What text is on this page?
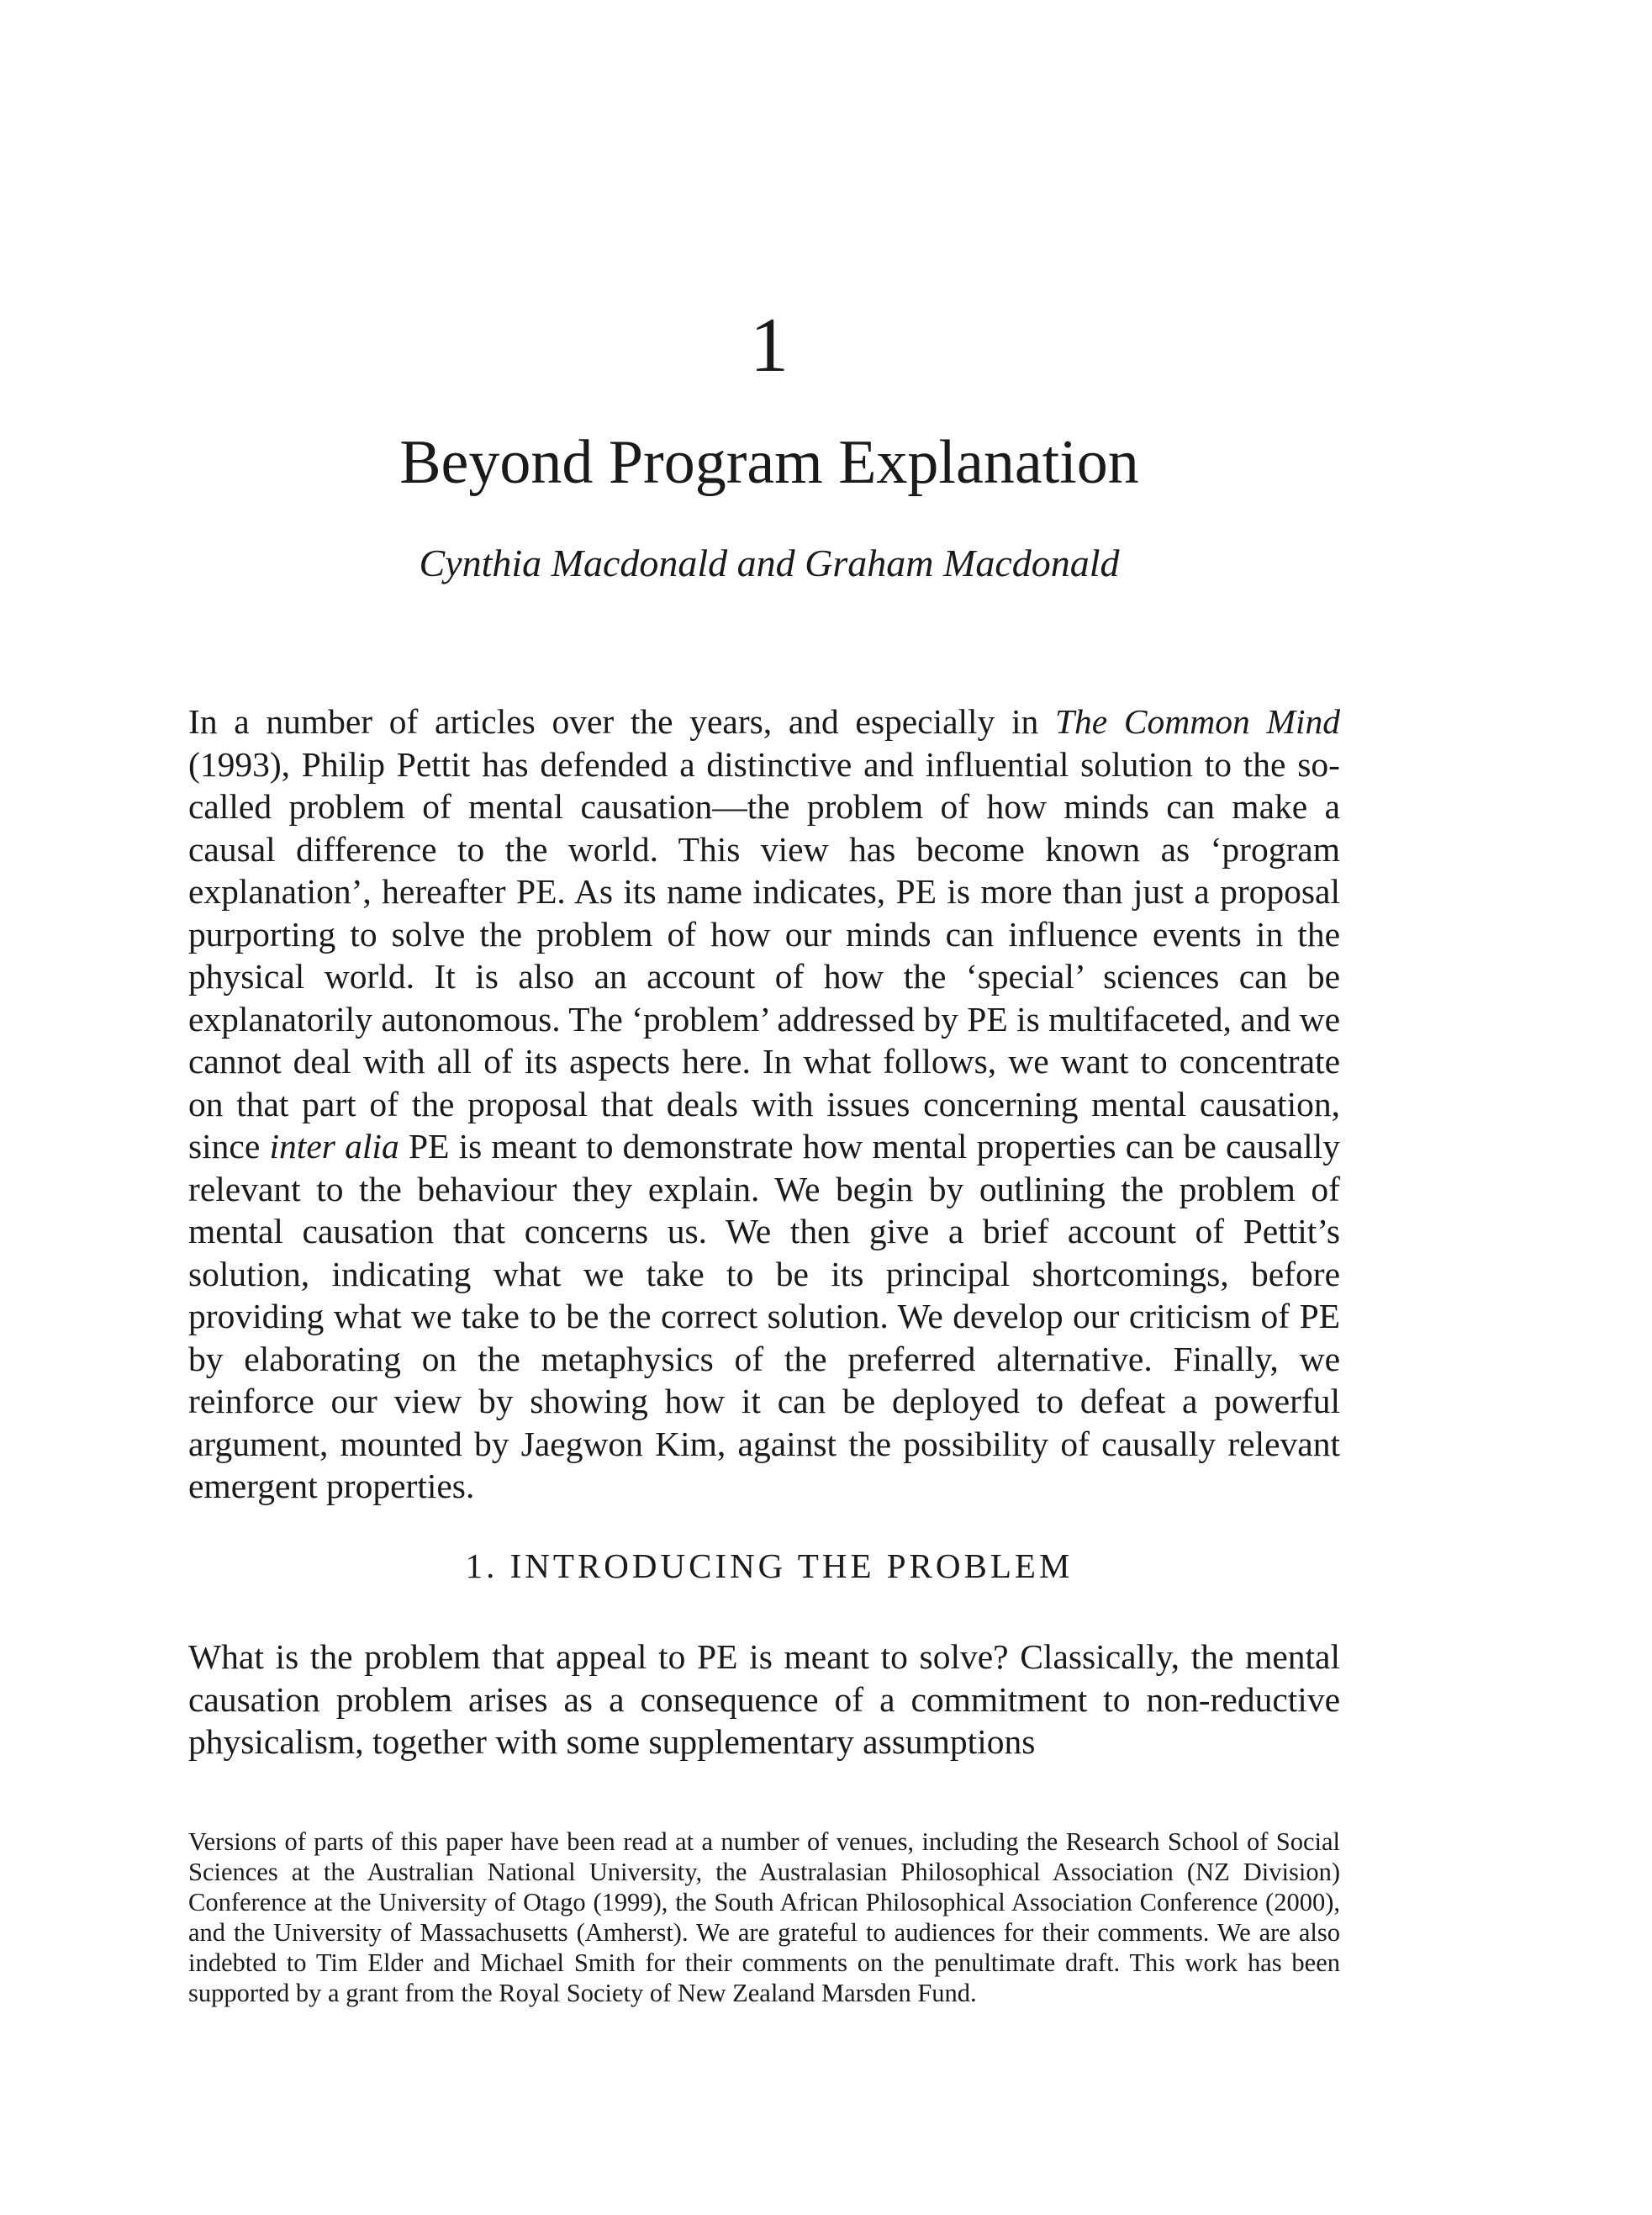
1
Beyond Program Explanation
Cynthia Macdonald and Graham Macdonald

In a number of articles over the years, and especially in The Common Mind (1993), Philip Pettit has defended a distinctive and influential solution to the so-called problem of mental causation—the problem of how minds can make a causal difference to the world. This view has become known as ‘program explanation’, hereafter PE. As its name indicates, PE is more than just a proposal purporting to solve the problem of how our minds can influence events in the physical world. It is also an account of how the ‘special’ sciences can be explanatorily autonomous. The ‘problem’ addressed by PE is multifaceted, and we cannot deal with all of its aspects here. In what follows, we want to concentrate on that part of the proposal that deals with issues concerning mental causation, since inter alia PE is meant to demonstrate how mental properties can be causally relevant to the behaviour they explain. We begin by outlining the problem of mental causation that concerns us. We then give a brief account of Pettit’s solution, indicating what we take to be its principal shortcomings, before providing what we take to be the correct solution. We develop our criticism of PE by elaborating on the metaphysics of the preferred alternative. Finally, we reinforce our view by showing how it can be deployed to defeat a powerful argument, mounted by Jaegwon Kim, against the possibility of causally relevant emergent properties.

1. INTRODUCING THE PROBLEM

What is the problem that appeal to PE is meant to solve? Classically, the mental causation problem arises as a consequence of a commitment to non-reductive physicalism, together with some supplementary assumptions

Versions of parts of this paper have been read at a number of venues, including the Research School of Social Sciences at the Australian National University, the Australasian Philosophical Association (NZ Division) Conference at the University of Otago (1999), the South African Philosophical Association Conference (2000), and the University of Massachusetts (Amherst). We are grateful to audiences for their comments. We are also indebted to Tim Elder and Michael Smith for their comments on the penultimate draft. This work has been supported by a grant from the Royal Society of New Zealand Marsden Fund.
